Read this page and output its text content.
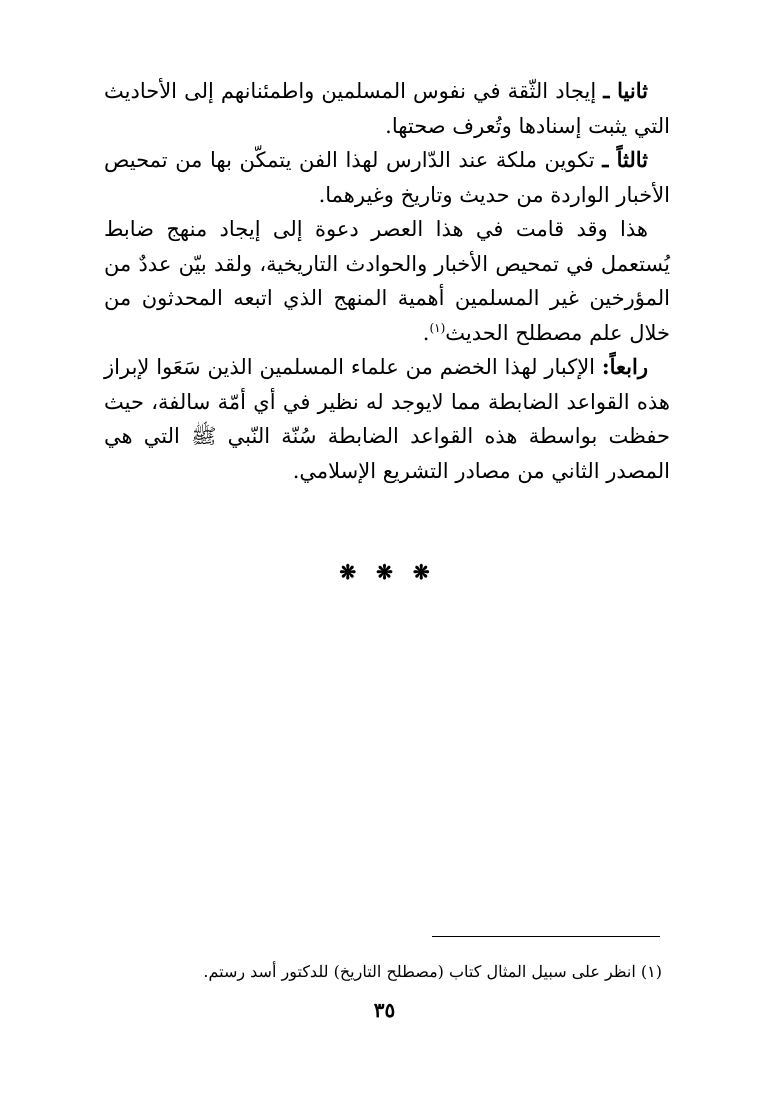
ثانيا ـ إيجاد الثّقة في نفوس المسلمين واطمئنانهم إلى الأحاديث التي يثبت إسنادها وتُعرف صحتها.

ثالثاً ـ تكوين ملكة عند الدّارس لهذا الفن يتمكّن بها من تمحيص الأخبار الواردة من حديث وتاريخ وغيرهما.

هذا وقد قامت في هذا العصر دعوة إلى إيجاد منهج ضابط يُستعمل في تمحيص الأخبار والحوادث التاريخية، ولقد بيّن عددٌ من المؤرخين غير المسلمين أهمية المنهج الذي اتبعه المحدثون من خلال علم مصطلح الحديث$^{(١)}$.

رابعاً: الإكبار لهذا الخضم من علماء المسلمين الذين سَعَوا لإبراز هذه القواعد الضابطة مما لايوجد له نظير في أي أمّة سالفة، حيث حفظت بواسطة هذه القواعد الضابطة سُنّة النّبي ﷺ التي هي المصدر الثاني من مصادر التشريع الإسلامي.

❋ ❋ ❋
(١) انظر على سبيل المثال كتاب (مصطلح التاريخ) للدكتور أسد رستم.
٣٥
